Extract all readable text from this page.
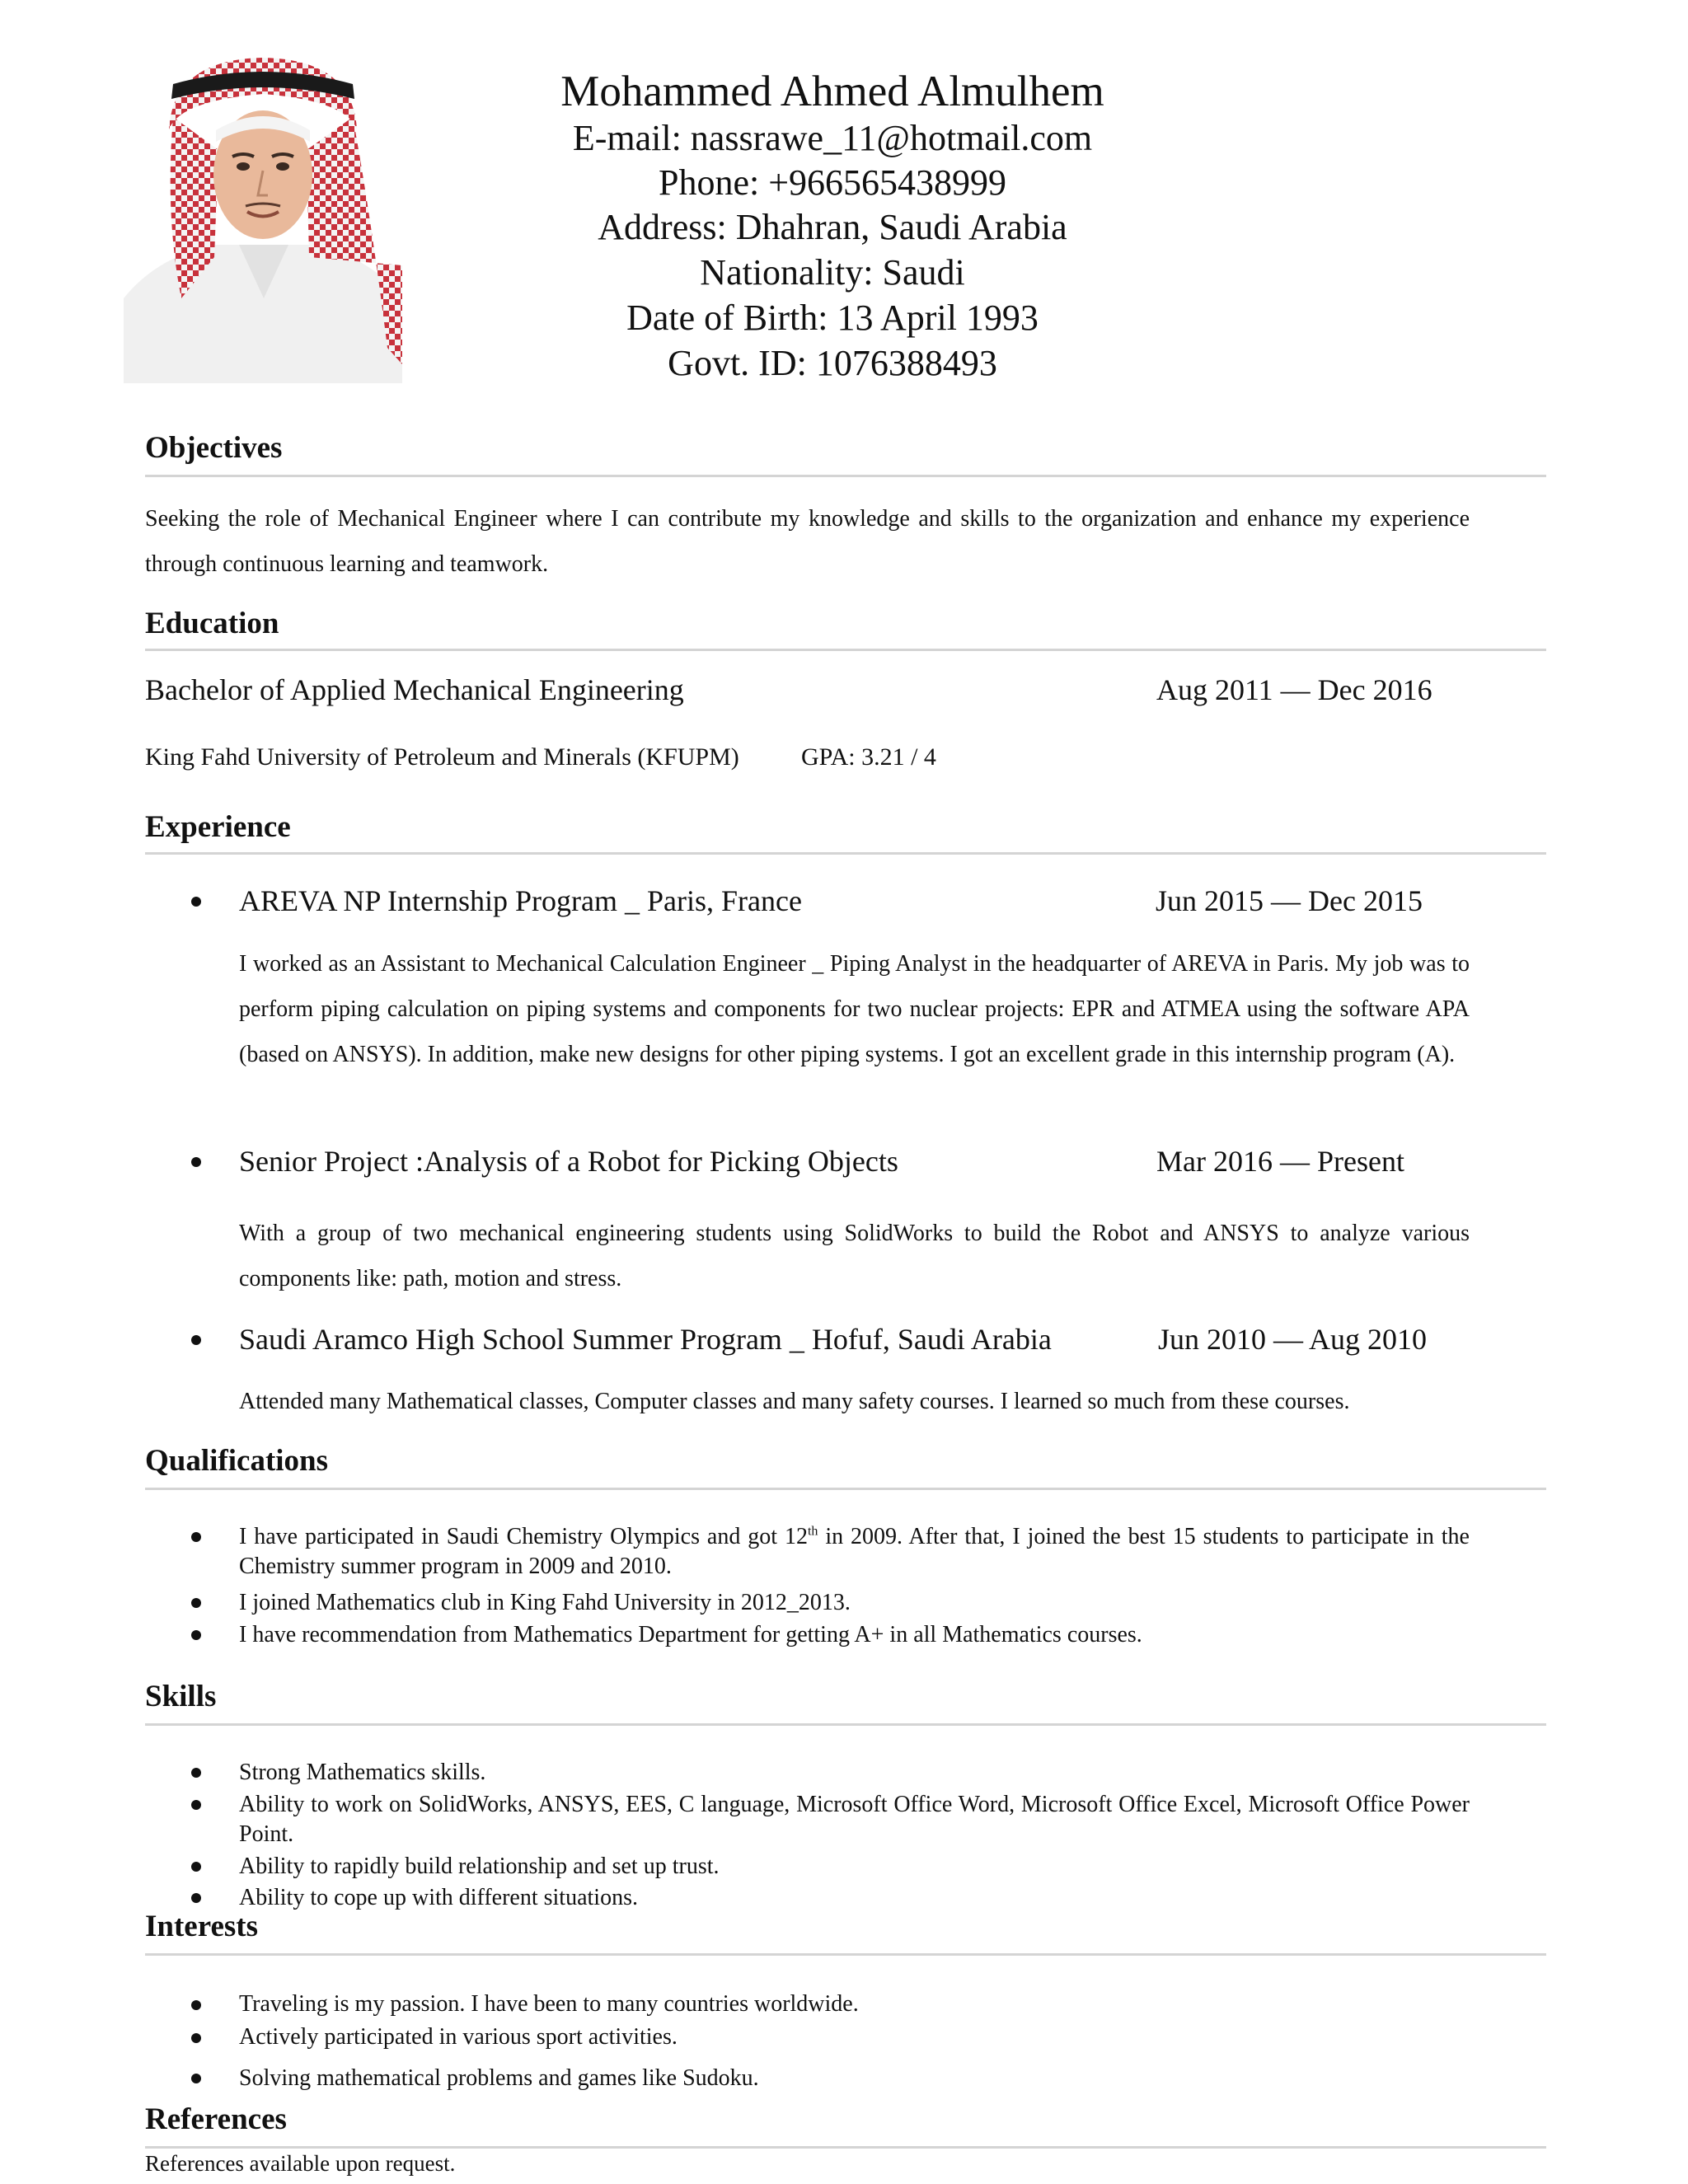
Mohammed Ahmed Almulhem
E-mail: nassrawe_11@hotmail.com
Phone: +966565438999
Address: Dhahran, Saudi Arabia
Nationality: Saudi
Date of Birth: 13 April 1993
Govt. ID: 1076388493
Objectives

Seeking the role of Mechanical Engineer where I can contribute my knowledge and skills to the organization and enhance my experience through continuous learning and teamwork.

Education
Bachelor of Applied Mechanical Engineering	Aug 2011 — Dec 2016
King Fahd University of Petroleum and Minerals (KFUPM)	GPA: 3.21 / 4
Experience
AREVA NP Internship Program _ Paris, France	Jun 2015 — Dec 2015

I worked as an Assistant to Mechanical Calculation Engineer _ Piping Analyst in the headquarter of AREVA in Paris. My job was to perform piping calculation on piping systems and components for two nuclear projects: EPR and ATMEA using the software APA (based on ANSYS). In addition, make new designs for other piping systems. I got an excellent grade in this internship program (A).

Senior Project :Analysis of a Robot for Picking Objects	Mar 2016 — Present

With a group of two mechanical engineering students using SolidWorks to build the Robot and ANSYS to analyze various components like: path, motion and stress.

Saudi Aramco High School Summer Program _ Hofuf, Saudi Arabia	Jun 2010 — Aug 2010

Attended many Mathematical classes, Computer classes and many safety courses. I learned so much from these courses.

Qualifications

I have participated in Saudi Chemistry Olympics and got 12th in 2009. After that, I joined the best 15 students to participate in the Chemistry summer program in 2009 and 2010.

I joined Mathematics club in King Fahd University in 2012_2013.

I have recommendation from Mathematics Department for getting A+ in all Mathematics courses.

Skills

Strong Mathematics skills.

Ability to work on SolidWorks, ANSYS, EES, C language, Microsoft Office Word, Microsoft Office Excel, Microsoft Office Power Point.

Ability to rapidly build relationship and set up trust.

Ability to cope up with different situations.

Interests

Traveling is my passion. I have been to many countries worldwide.

Actively participated in various sport activities.

Solving mathematical problems and games like Sudoku.

References

References available upon request.
